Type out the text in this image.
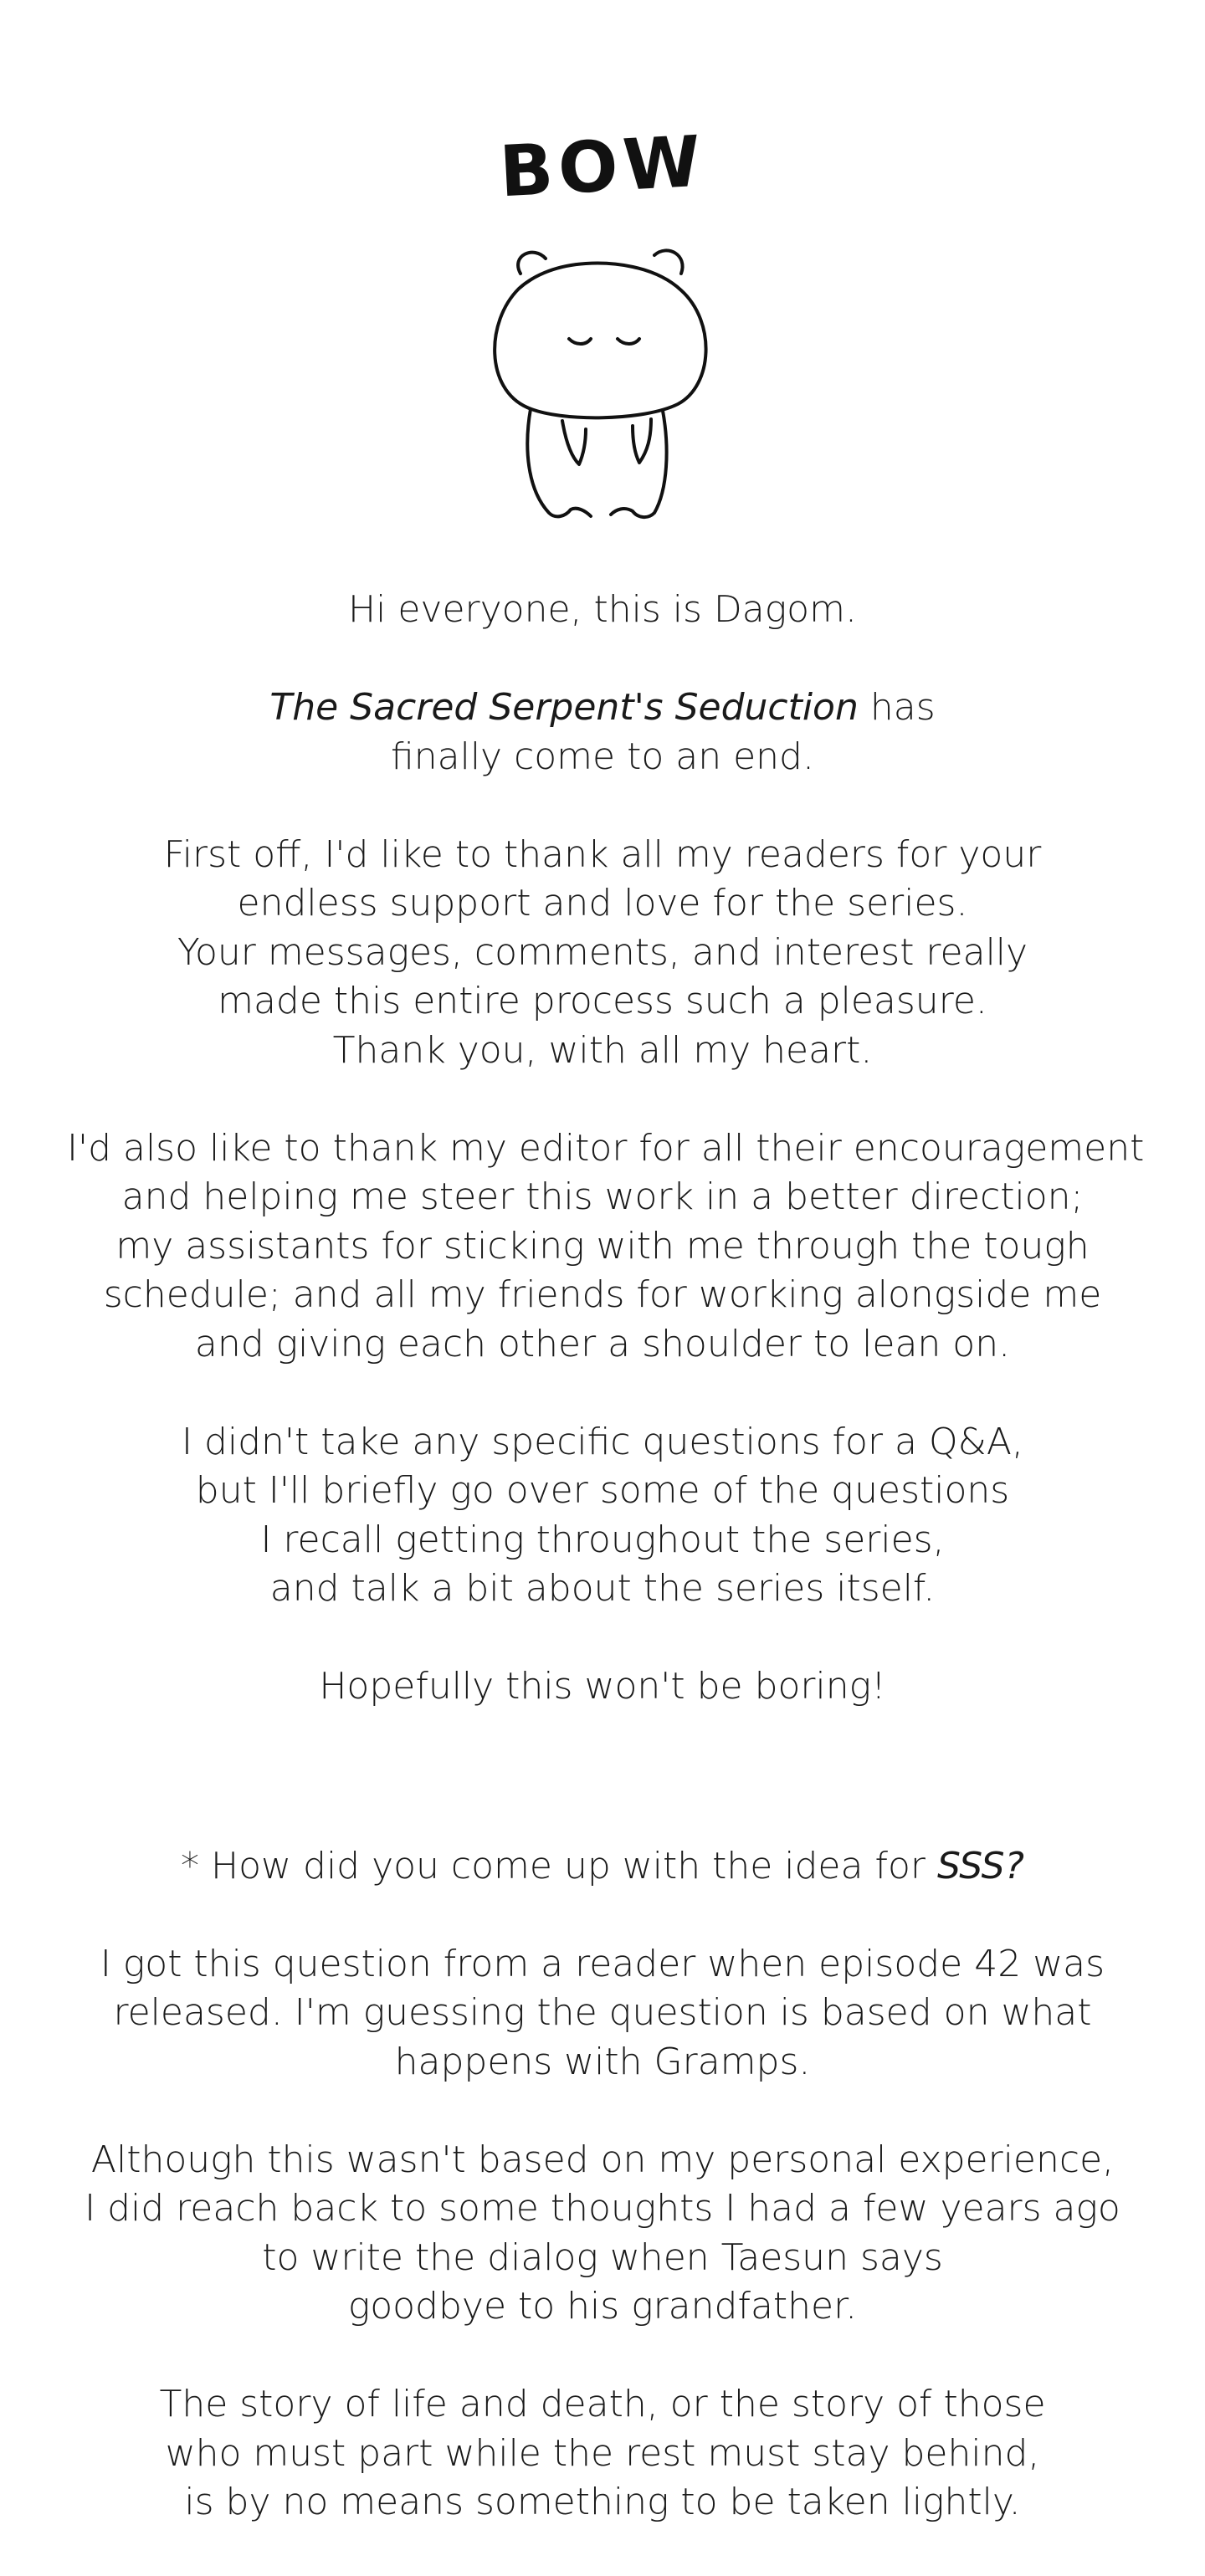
BOW
Hi everyone, this is Dagom.
The Sacred Serpent's Seduction has
finally come to an end.
First off, I'd like to thank all my readers for your
endless support and love for the series.
Your messages, comments, and interest really
made this entire process such a pleasure.
Thank you, with all my heart.
I'd also like to thank my editor for all their encouragement
and helping me steer this work in a better direction;
my assistants for sticking with me through the tough
schedule; and all my friends for working alongside me
and giving each other a shoulder to lean on.
I didn't take any specific questions for a Q&A,
but I'll briefly go over some of the questions
I recall getting throughout the series,
and talk a bit about the series itself.
Hopefully this won't be boring!
* How did you come up with the idea for SSS?
I got this question from a reader when episode 42 was
released. I'm guessing the question is based on what
happens with Gramps.
Although this wasn't based on my personal experience,
I did reach back to some thoughts I had a few years ago
to write the dialog when Taesun says
goodbye to his grandfather.
The story of life and death, or the story of those
who must part while the rest must stay behind,
is by no means something to be taken lightly.
